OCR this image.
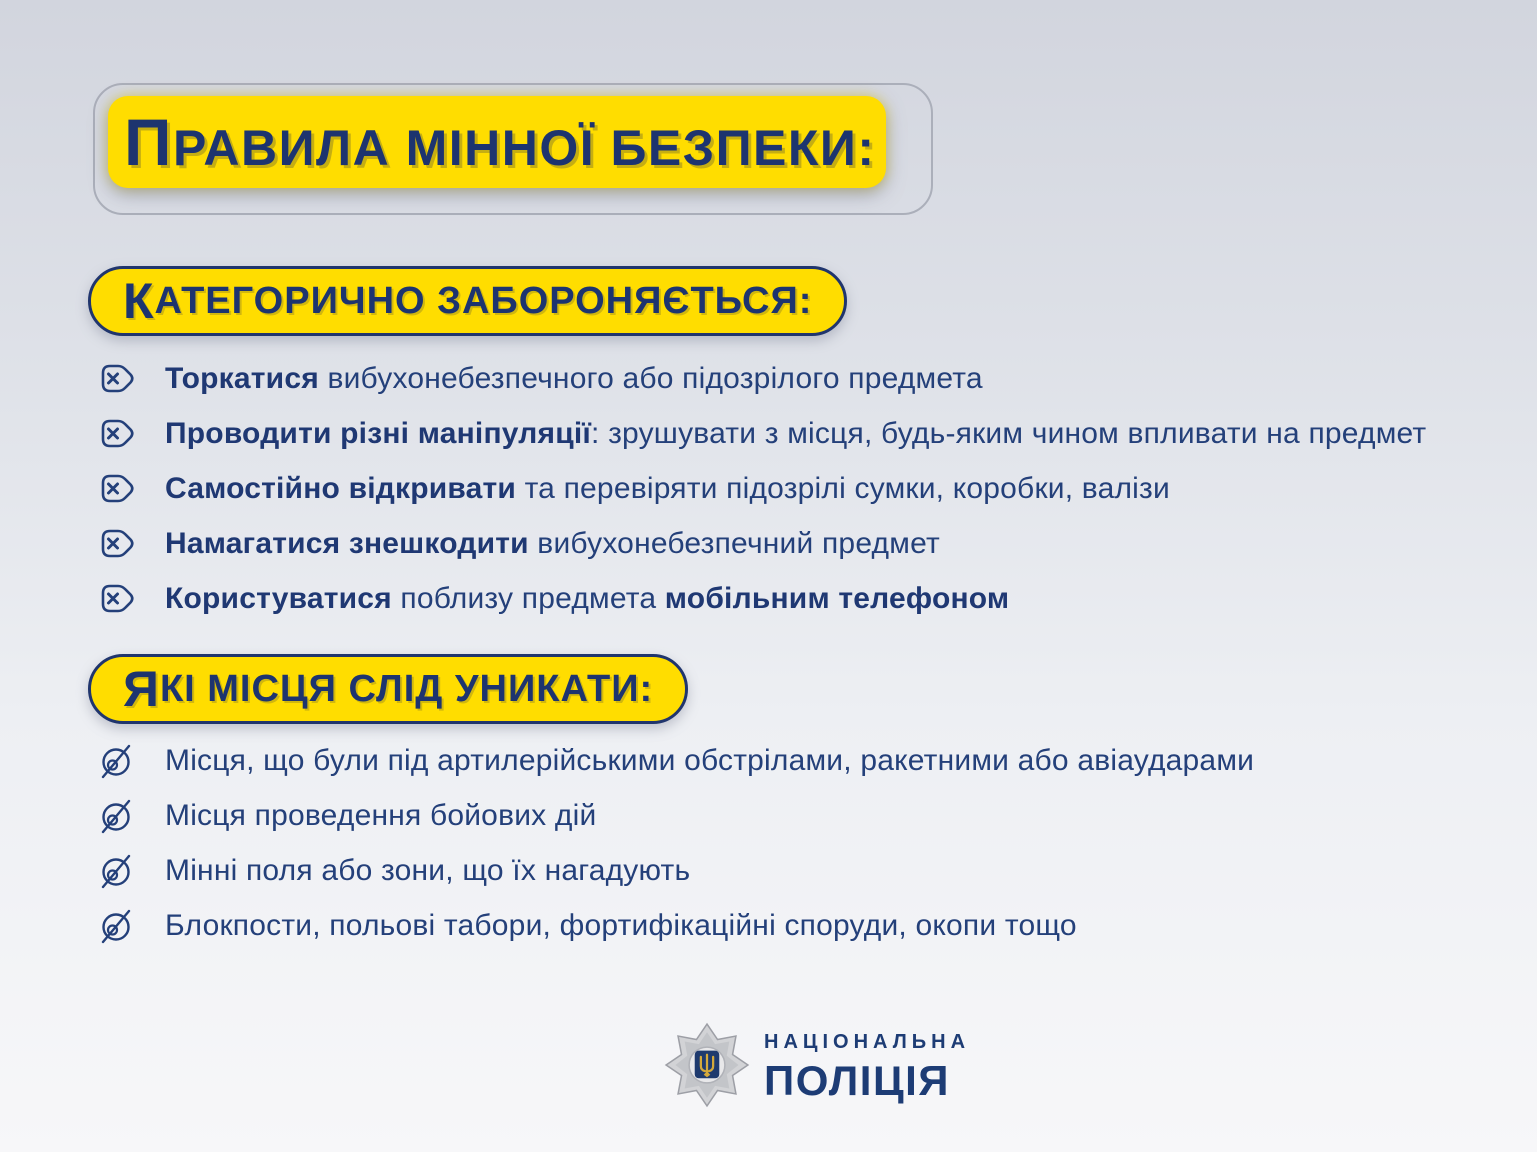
ПРАВИЛА МІННОЇ БЕЗПЕКИ:
К АТЕГОРИЧНО ЗАБОРОНЯЄТЬСЯ:

Торкатися вибухонебезпечного або підозрілого предмета

Проводити різні маніпуляції: зрушувати з місця, будь-яким чином впливати на предмет

Самостійно відкривати та перевіряти підозрілі сумки, коробки, валізи

Намагатися знешкодити вибухонебезпечний предмет

Користуватися поблизу предмета мобільним телефоном

Я КІ МІСЦЯ СЛІД УНИКАТИ:

Місця, що були під артилерійськими обстрілами, ракетними або авіаударами

Місця проведення бойових дій

Мінні поля або зони, що їх нагадують

Блокпости, польові табори, фортифікаційні споруди, окопи тощо

НАЦІОНАЛЬНА
ПОЛІЦІЯ
